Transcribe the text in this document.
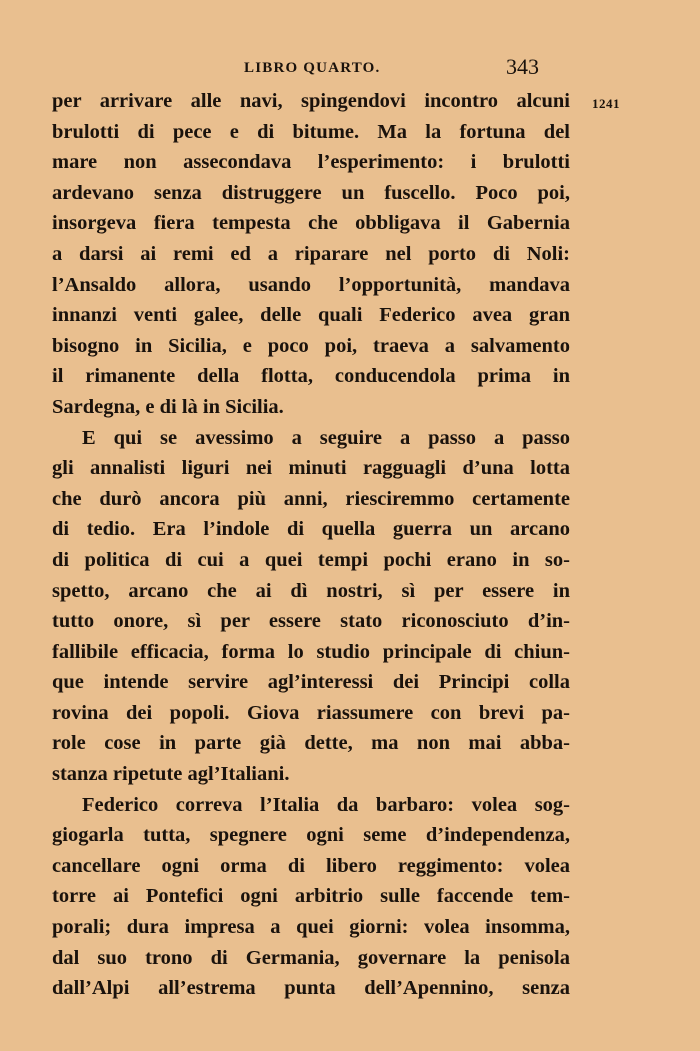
LIBRO QUARTO.	343
1241
per arrivare alle navi, spingendovi incontro alcuni
brulotti di pece e di bitume. Ma la fortuna del
mare non assecondava l’esperimento: i brulotti
ardevano senza distruggere un fuscello. Poco poi,
insorgeva fiera tempesta che obbligava il Gabernia
a darsi ai remi ed a riparare nel porto di Noli:
l’Ansaldo allora, usando l’opportunità, mandava
innanzi venti galee, delle quali Federico avea gran
bisogno in Sicilia, e poco poi, traeva a salvamento
il rimanente della flotta, conducendola prima in
Sardegna, e di là in Sicilia.
E qui se avessimo a seguire a passo a passo
gli annalisti liguri nei minuti ragguagli d’una lotta
che durò ancora più anni, riesciremmo certamente
di tedio. Era l’indole di quella guerra un arcano
di politica di cui a quei tempi pochi erano in so-
spetto, arcano che ai dì nostri, sì per essere in
tutto onore, sì per essere stato riconosciuto d’in-
fallibile efficacia, forma lo studio principale di chiun-
que intende servire agl’interessi dei Principi colla
rovina dei popoli. Giova riassumere con brevi pa-
role cose in parte già dette, ma non mai abba-
stanza ripetute agl’Italiani.
Federico correva l’Italia da barbaro: volea sog-
giogarla tutta, spegnere ogni seme d’independenza,
cancellare ogni orma di libero reggimento: volea
torre ai Pontefici ogni arbitrio sulle faccende tem-
porali; dura impresa a quei giorni: volea insomma,
dal suo trono di Germania, governare la penisola
dall’Alpi all’estrema punta dell’Apennino, senza
